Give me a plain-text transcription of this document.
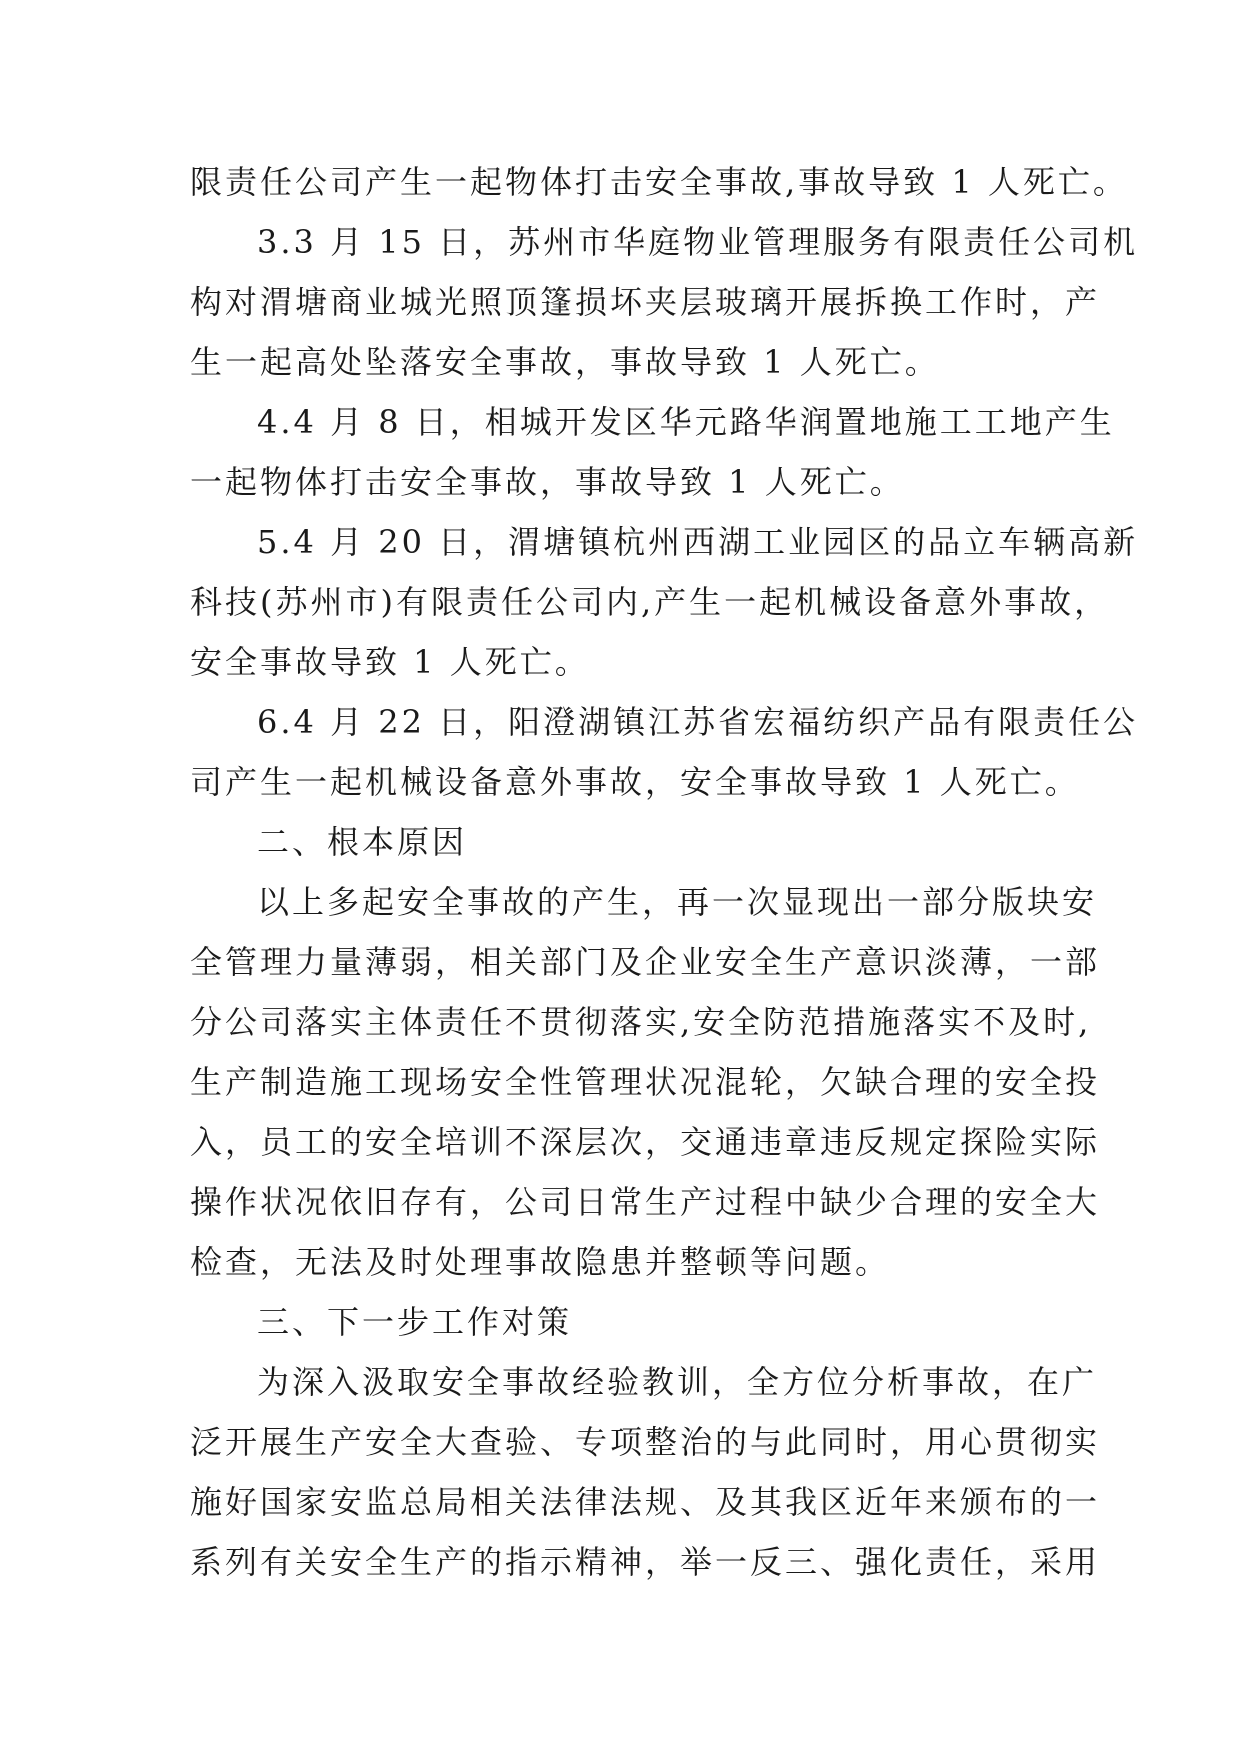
限责任公司产生一起物体打击安全事故,事故导致 1 人死亡。
3.3 月 15 日，苏州市华庭物业管理服务有限责任公司机
构对渭塘商业城光照顶篷损坏夹层玻璃开展拆换工作时，产
生一起高处坠落安全事故，事故导致 1 人死亡。
4.4 月 8 日，相城开发区华元路华润置地施工工地产生
一起物体打击安全事故，事故导致 1 人死亡。
5.4 月 20 日，渭塘镇杭州西湖工业园区的品立车辆高新
科技(苏州市)有限责任公司内,产生一起机械设备意外事故，
安全事故导致 1 人死亡。
6.4 月 22 日，阳澄湖镇江苏省宏福纺织产品有限责任公
司产生一起机械设备意外事故，安全事故导致 1 人死亡。
二、根本原因
以上多起安全事故的产生，再一次显现出一部分版块安
全管理力量薄弱，相关部门及企业安全生产意识淡薄，一部
分公司落实主体责任不贯彻落实,安全防范措施落实不及时,
生产制造施工现场安全性管理状况混轮，欠缺合理的安全投
入，员工的安全培训不深层次，交通违章违反规定探险实际
操作状况依旧存有，公司日常生产过程中缺少合理的安全大
检查，无法及时处理事故隐患并整顿等问题。
三、下一步工作对策
为深入汲取安全事故经验教训，全方位分析事故，在广
泛开展生产安全大查验、专项整治的与此同时，用心贯彻实
施好国家安监总局相关法律法规、及其我区近年来颁布的一
系列有关安全生产的指示精神，举一反三、强化责任，采用
